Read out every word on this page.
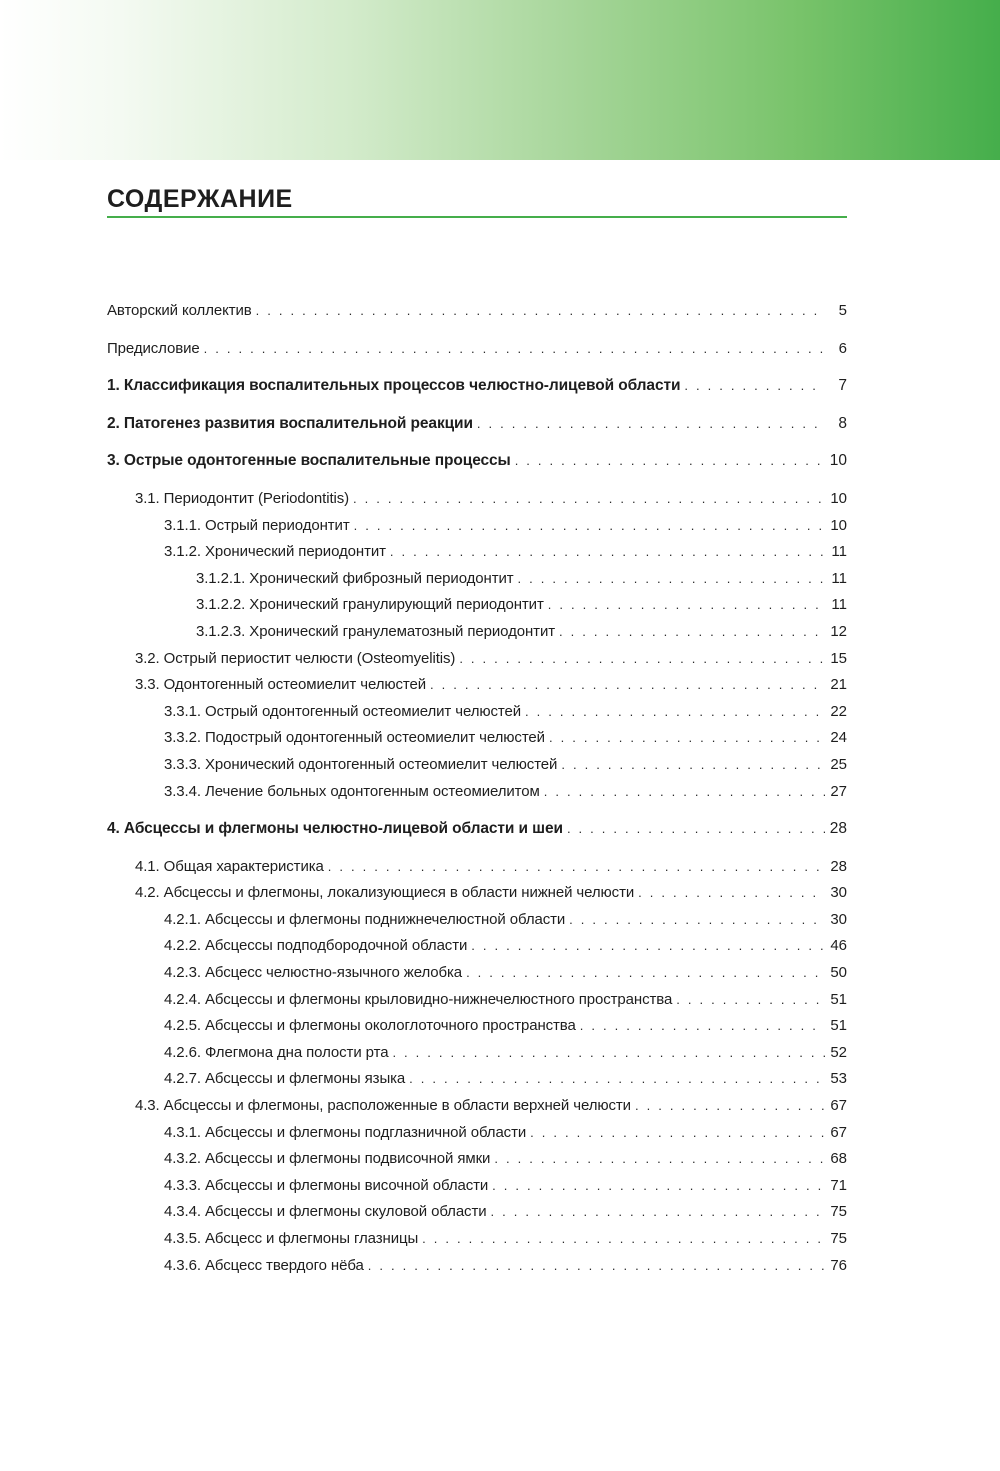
СОДЕРЖАНИЕ
Авторский коллектив . . .	5
Предисловие . . .	6
1. Классификация воспалительных процессов челюстно-лицевой области . . .	7
2. Патогенез развития воспалительной реакции . . .	8
3. Острые одонтогенные воспалительные процессы . . .	10
3.1. Периодонтит (Periodontitis) . . .	10
3.1.1. Острый периодонтит . . .	10
3.1.2. Хронический периодонтит . . .	11
3.1.2.1. Хронический фиброзный периодонтит . . .	11
3.1.2.2. Хронический гранулирующий периодонтит . . .	11
3.1.2.3. Хронический гранулематозный периодонтит . . .	12
3.2. Острый периостит челюсти (Osteomyelitis) . . .	15
3.3. Одонтогенный остеомиелит челюстей . . .	21
3.3.1. Острый одонтогенный остеомиелит челюстей . . .	22
3.3.2. Подострый одонтогенный остеомиелит челюстей . . .	24
3.3.3. Хронический одонтогенный остеомиелит челюстей . . .	25
3.3.4. Лечение больных одонтогенным остеомиелитом . . .	27
4. Абсцессы и флегмоны челюстно-лицевой области и шеи . . .	28
4.1. Общая характеристика . . .	28
4.2. Абсцессы и флегмоны, локализующиеся в области нижней челюсти . . .	30
4.2.1. Абсцессы и флегмоны поднижнечелюстной области . . .	30
4.2.2. Абсцессы подподбородочной области . . .	46
4.2.3. Абсцесс челюстно-язычного желобка . . .	50
4.2.4. Абсцессы и флегмоны крыловидно-нижнечелюстного пространства . . .	51
4.2.5. Абсцессы и флегмоны окологлоточного пространства . . .	51
4.2.6. Флегмона дна полости рта . . .	52
4.2.7. Абсцессы и флегмоны языка . . .	53
4.3. Абсцессы и флегмоны, расположенные в области верхней челюсти . . .	67
4.3.1. Абсцессы и флегмоны подглазничной области . . .	67
4.3.2. Абсцессы и флегмоны подвисочной ямки . . .	68
4.3.3. Абсцессы и флегмоны височной области . . .	71
4.3.4. Абсцессы и флегмоны скуловой области . . .	75
4.3.5. Абсцесс и флегмоны глазницы . . .	75
4.3.6. Абсцесс твердого нёба . . .	76
